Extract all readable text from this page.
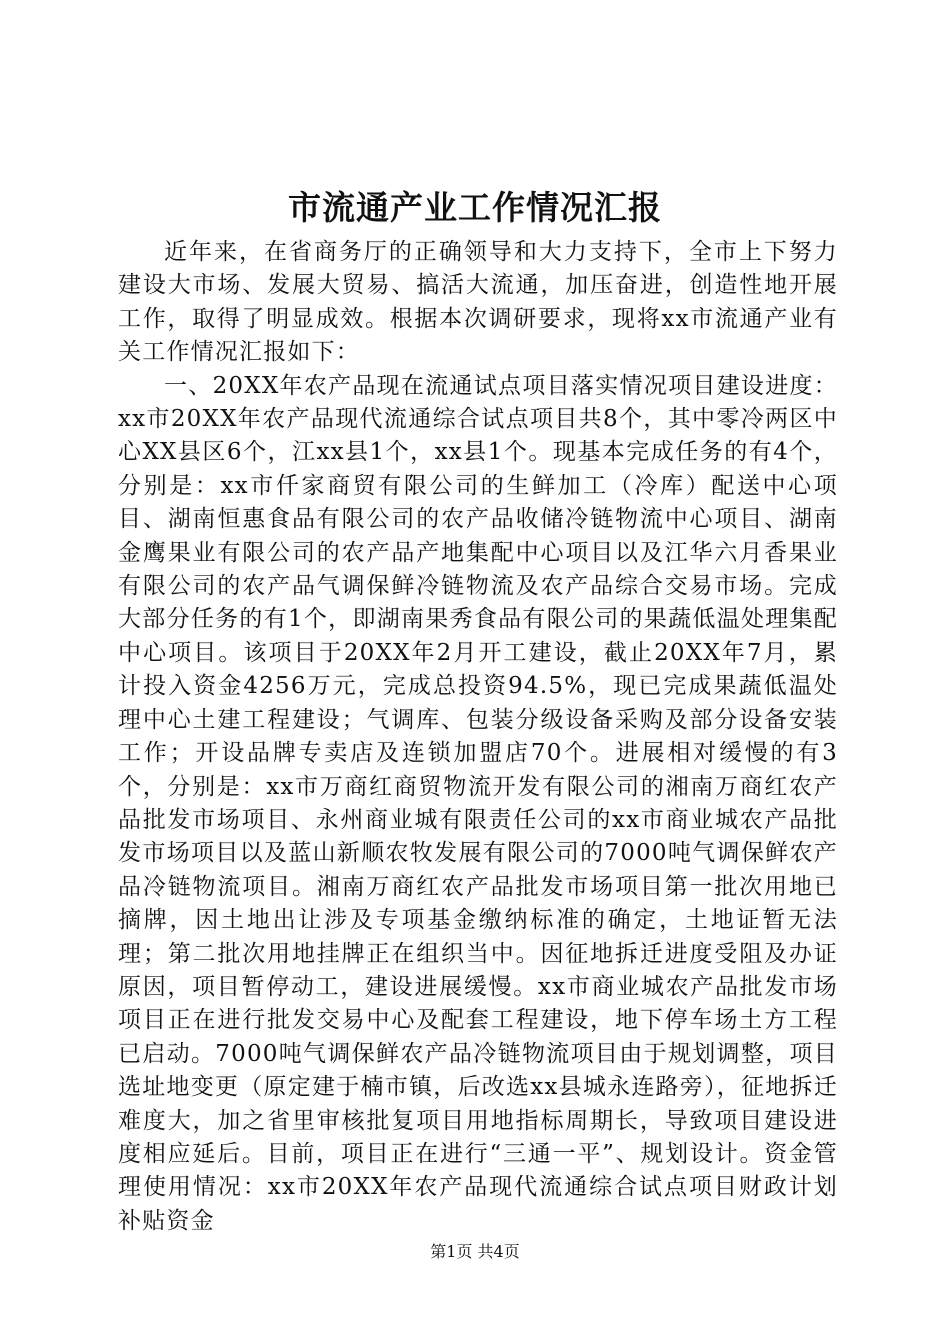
市流通产业工作情况汇报

近年来，在省商务厅的正确领导和大力支持下，全市上下努力建设大市场、发展大贸易、搞活大流通，加压奋进，创造性地开展工作，取得了明显成效。根据本次调研要求，现将xx市流通产业有关工作情况汇报如下：

一、20XX年农产品现在流通试点项目落实情况项目建设进度：xx市20XX年农产品现代流通综合试点项目共8个，其中零冷两区中心XX县区6个，江xx县1个，xx县1个。现基本完成任务的有4个，分别是：xx市仟家商贸有限公司的生鲜加工（冷库）配送中心项目、湖南恒惠食品有限公司的农产品收储冷链物流中心项目、湖南金鹰果业有限公司的农产品产地集配中心项目以及江华六月香果业有限公司的农产品气调保鲜冷链物流及农产品综合交易市场。完成大部分任务的有1个，即湖南果秀食品有限公司的果蔬低温处理集配中心项目。该项目于20XX年2月开工建设，截止20XX年7月，累计投入资金4256万元，完成总投资94.5%，现已完成果蔬低温处理中心土建工程建设；气调库、包装分级设备采购及部分设备安装工作；开设品牌专卖店及连锁加盟店70个。进展相对缓慢的有3个，分别是：xx市万商红商贸物流开发有限公司的湘南万商红农产品批发市场项目、永州商业城有限责任公司的xx市商业城农产品批发市场项目以及蓝山新顺农牧发展有限公司的7000吨气调保鲜农产品冷链物流项目。湘南万商红农产品批发市场项目第一批次用地已摘牌，因土地出让涉及专项基金缴纳标准的确定，土地证暂无法理；第二批次用地挂牌正在组织当中。因征地拆迁进度受阻及办证原因，项目暂停动工，建设进展缓慢。xx市商业城农产品批发市场项目正在进行批发交易中心及配套工程建设，地下停车场土方工程已启动。7000吨气调保鲜农产品冷链物流项目由于规划调整，项目选址地变更（原定建于楠市镇，后改选xx县城永连路旁），征地拆迁难度大，加之省里审核批复项目用地指标周期长，导致项目建设进度相应延后。目前，项目正在进行“三通一平”、规划设计。资金管理使用情况：xx市20XX年农产品现代流通综合试点项目财政计划补贴资金

第1页 共4页
